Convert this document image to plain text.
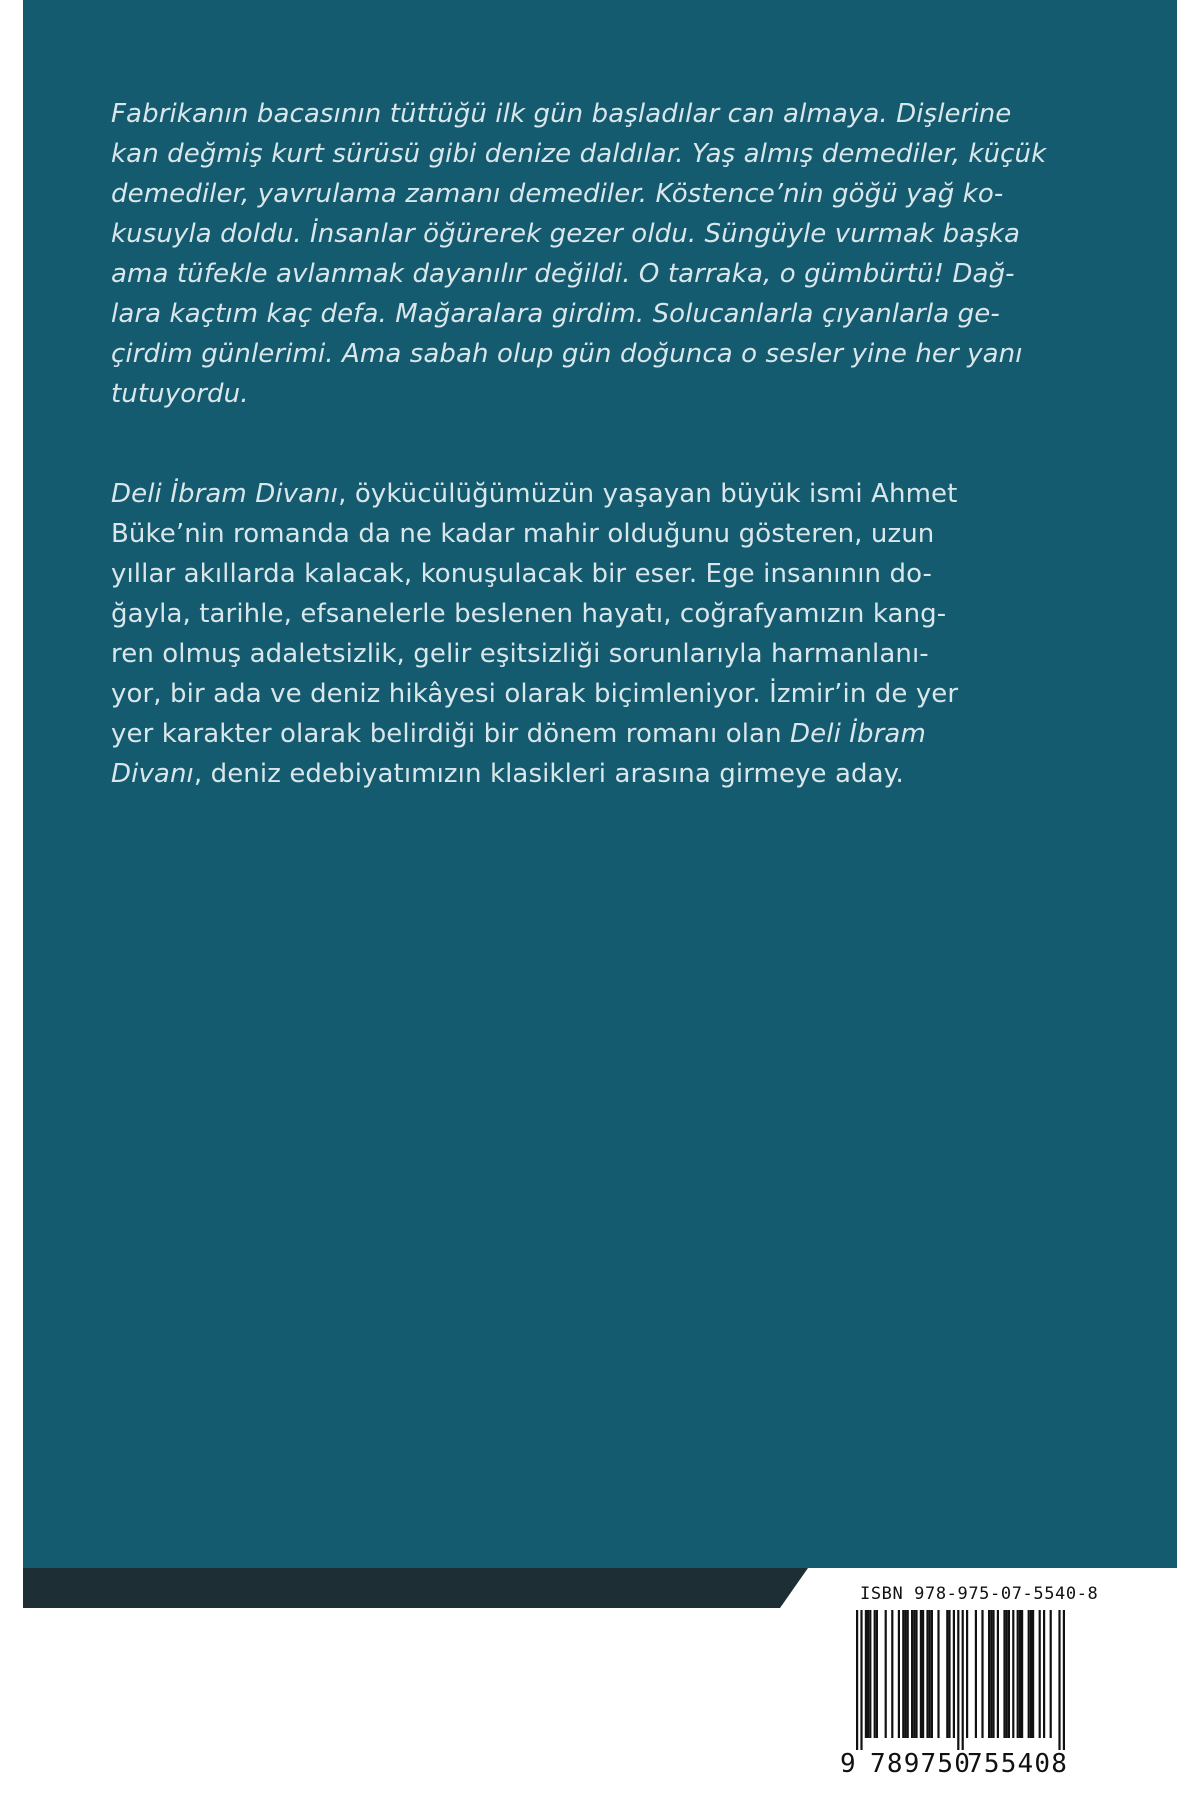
Fabrikanın bacasının tüttüğü ilk gün başladılar can almaya. Dişlerine
kan değmiş kurt sürüsü gibi denize daldılar. Yaş almış demediler, küçük
demediler, yavrulama zamanı demediler. Köstence’nin göğü yağ ko-
kusuyla doldu. İnsanlar öğürerek gezer oldu. Süngüyle vurmak başka
ama tüfekle avlanmak dayanılır değildi. O tarraka, o gümbürtü! Dağ-
lara kaçtım kaç defa. Mağaralara girdim. Solucanlarla çıyanlarla ge-
çirdim günlerimi. Ama sabah olup gün doğunca o sesler yine her yanı
tutuyordu.

Deli İbram Divanı, öykücülüğümüzün yaşayan büyük ismi Ahmet
Büke’nin romanda da ne kadar mahir olduğunu gösteren, uzun
yıllar akıllarda kalacak, konuşulacak bir eser. Ege insanının do-
ğayla, tarihle, efsanelerle beslenen hayatı, coğrafyamızın kang-
ren olmuş adaletsizlik, gelir eşitsizliği sorunlarıyla harmanlanı-
yor, bir ada ve deniz hikâyesi olarak biçimleniyor. İzmir’in de yer
yer karakter olarak belirdiği bir dönem romanı olan Deli İbram
Divanı, deniz edebiyatımızın klasikleri arasına girmeye aday.

ISBN 978-975-07-5540-8
9 789750
755408
